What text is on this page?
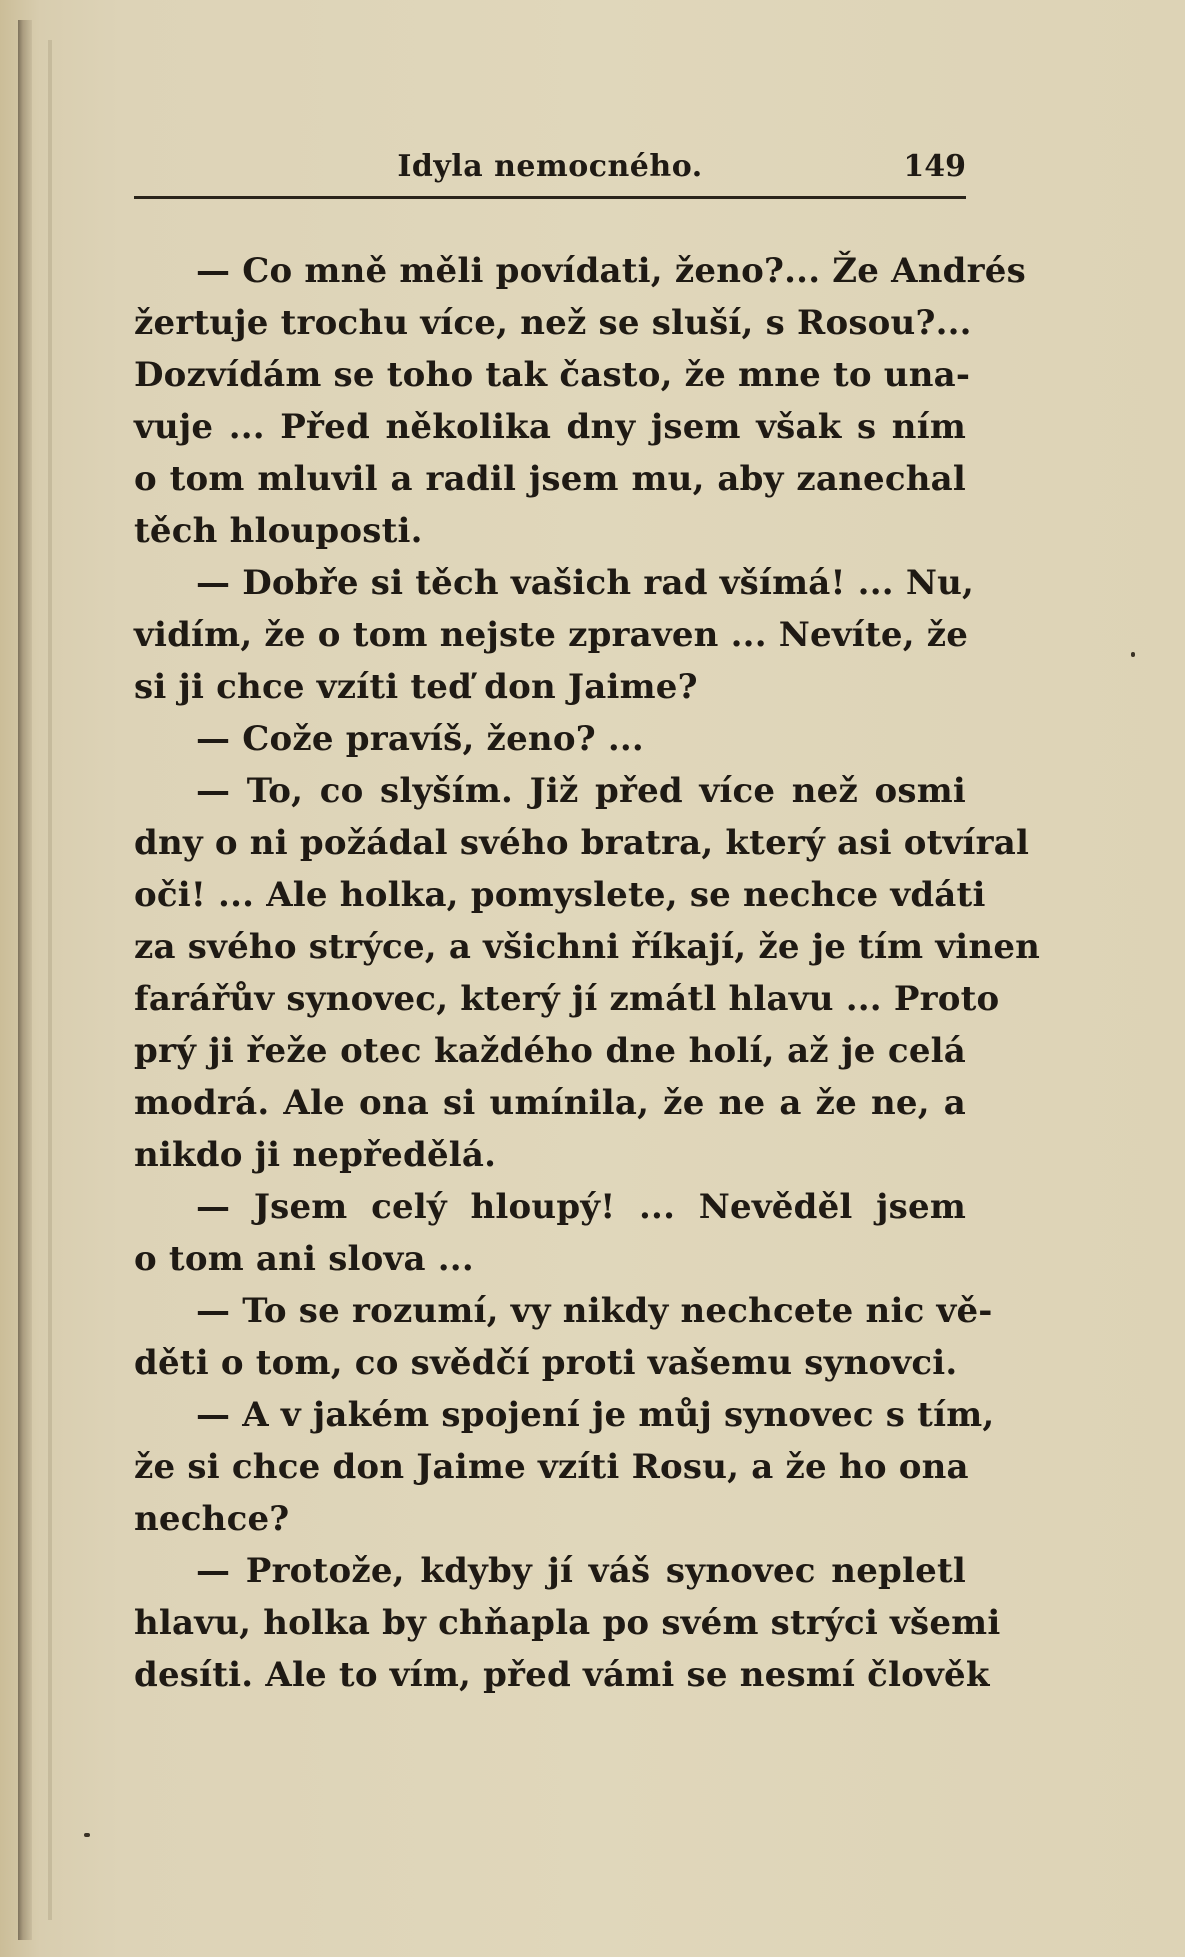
Idyla nemocného.	149
— Co mně měli povídati, ženo?... Že Andrés
žertuje trochu více, než se sluší, s Rosou?...
Dozvídám se toho tak často, že mne to una-
vuje ... Před několika dny jsem však s ním
o tom mluvil a radil jsem mu, aby zanechal
těch hlouposti.
— Dobře si těch vašich rad všímá! ... Nu,
vidím, že o tom nejste zpraven ... Nevíte, že
si ji chce vzíti teď don Jaime?
— Cože pravíš, ženo? ...
— To, co slyším. Již před více než osmi
dny o ni požádal svého bratra, který asi otvíral
oči! ... Ale holka, pomyslete, se nechce vdáti
za svého strýce, a všichni říkají, že je tím vinen
farářův synovec, který jí zmátl hlavu ... Proto
prý ji řeže otec každého dne holí, až je celá
modrá. Ale ona si umínila, že ne a že ne, a
nikdo ji nepředělá.
— Jsem celý hloupý! ... Nevěděl jsem
o tom ani slova ...
— To se rozumí, vy nikdy nechcete nic vě-
děti o tom, co svědčí proti vašemu synovci.
— A v jakém spojení je můj synovec s tím,
že si chce don Jaime vzíti Rosu, a že ho ona
nechce?
— Protože, kdyby jí váš synovec nepletl
hlavu, holka by chňapla po svém strýci všemi
desíti. Ale to vím, před vámi se nesmí člověk
